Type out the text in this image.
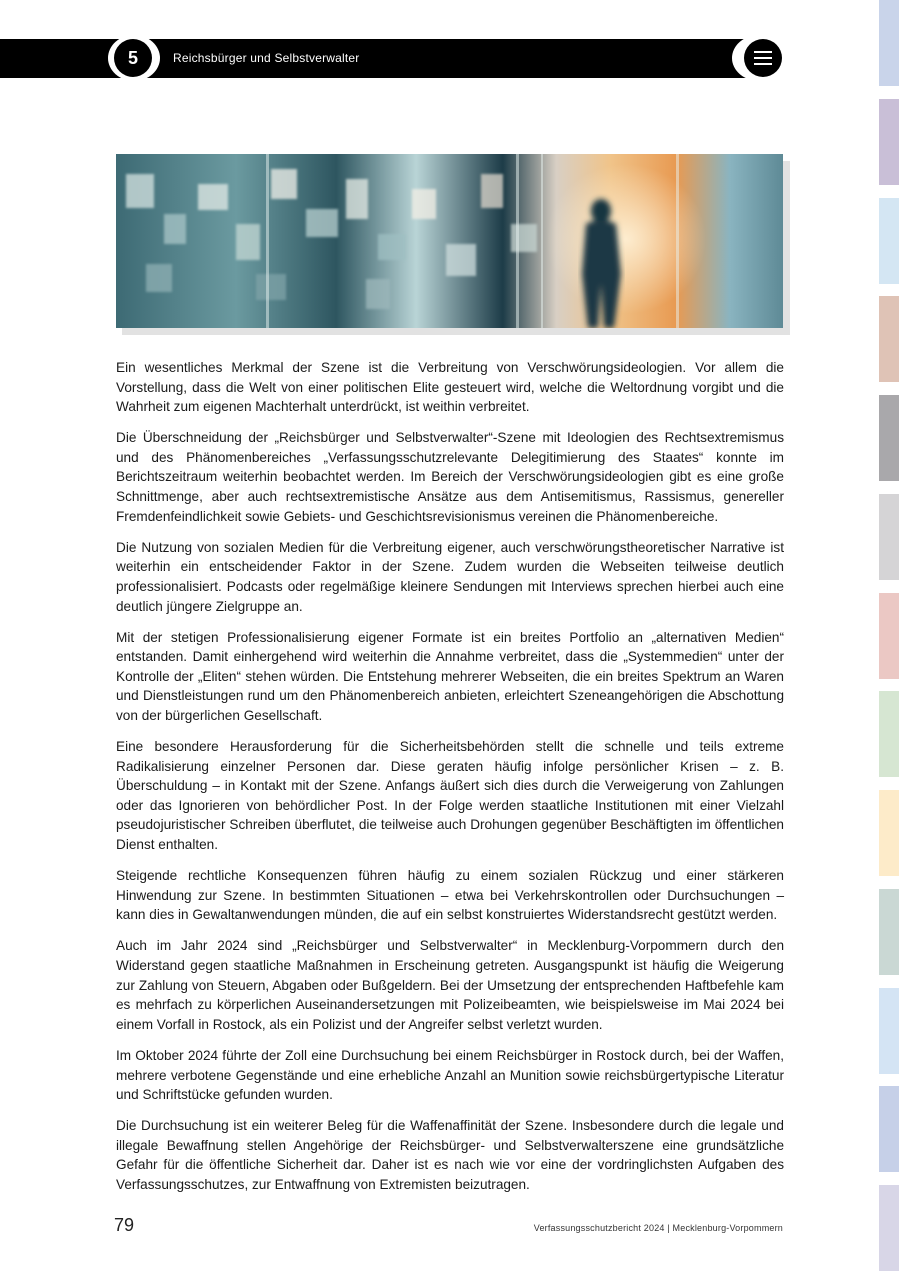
5	Reichsbürger und Selbstverwalter

Ein wesentliches Merkmal der Szene ist die Verbreitung von Verschwörungsideologien. Vor allem die Vorstellung, dass die Welt von einer politischen Elite gesteuert wird, welche die Weltordnung vorgibt und die Wahrheit zum eigenen Machterhalt unterdrückt, ist weithin verbreitet.

Die Überschneidung der „Reichsbürger und Selbstverwalter“-Szene mit Ideologien des Rechtsextremismus und des Phänomenbereiches „Verfassungsschutzrelevante Delegitimierung des Staates“ konnte im Berichtszeitraum weiterhin beobachtet werden. Im Bereich der Verschwörungsideologien gibt es eine große Schnittmenge, aber auch rechtsextremistische Ansätze aus dem Antisemitismus, Rassismus, genereller Fremdenfeindlichkeit sowie Gebiets- und Geschichtsrevisionismus vereinen die Phänomenbereiche.

Die Nutzung von sozialen Medien für die Verbreitung eigener, auch verschwörungstheoretischer Narrative ist weiterhin ein entscheidender Faktor in der Szene. Zudem wurden die Webseiten teilweise deutlich professionalisiert. Podcasts oder regelmäßige kleinere Sendungen mit Interviews sprechen hierbei auch eine deutlich jüngere Zielgruppe an.

Mit der stetigen Professionalisierung eigener Formate ist ein breites Portfolio an „alternativen Medien“ entstanden. Damit einhergehend wird weiterhin die Annahme verbreitet, dass die „Systemmedien“ unter der Kontrolle der „Eliten“ stehen würden. Die Entstehung mehrerer Webseiten, die ein breites Spektrum an Waren und Dienstleistungen rund um den Phänomenbereich anbieten, erleichtert Szeneangehörigen die Abschottung von der bürgerlichen Gesellschaft.

Eine besondere Herausforderung für die Sicherheitsbehörden stellt die schnelle und teils extreme Radikalisierung einzelner Personen dar. Diese geraten häufig infolge persönlicher Krisen – z. B. Überschuldung – in Kontakt mit der Szene. Anfangs äußert sich dies durch die Verweigerung von Zahlungen oder das Ignorieren von behördlicher Post. In der Folge werden staatliche Institutionen mit einer Vielzahl pseudojuristischer Schreiben überflutet, die teilweise auch Drohungen gegenüber Beschäftigten im öffentlichen Dienst enthalten.

Steigende rechtliche Konsequenzen führen häufig zu einem sozialen Rückzug und einer stärkeren Hinwendung zur Szene. In bestimmten Situationen – etwa bei Verkehrskontrollen oder Durchsuchungen – kann dies in Gewaltanwendungen münden, die auf ein selbst konstruiertes Widerstandsrecht gestützt werden.

Auch im Jahr 2024 sind „Reichsbürger und Selbstverwalter“ in Mecklenburg-Vorpommern durch den Widerstand gegen staatliche Maßnahmen in Erscheinung getreten. Ausgangspunkt ist häufig die Weigerung zur Zahlung von Steuern, Abgaben oder Bußgeldern. Bei der Umsetzung der entsprechenden Haftbefehle kam es mehrfach zu körperlichen Auseinandersetzungen mit Polizeibeamten, wie beispielsweise im Mai 2024 bei einem Vorfall in Rostock, als ein Polizist und der Angreifer selbst verletzt wurden.

Im Oktober 2024 führte der Zoll eine Durchsuchung bei einem Reichsbürger in Rostock durch, bei der Waffen, mehrere verbotene Gegenstände und eine erhebliche Anzahl an Munition sowie reichsbürgertypische Literatur und Schriftstücke gefunden wurden.

Die Durchsuchung ist ein weiterer Beleg für die Waffenaffinität der Szene. Insbesondere durch die legale und illegale Bewaffnung stellen Angehörige der Reichsbürger- und Selbstverwalterszene eine grundsätzliche Gefahr für die öffentliche Sicherheit dar. Daher ist es nach wie vor eine der vordringlichsten Aufgaben des Verfassungsschutzes, zur Entwaffnung von Extremisten beizutragen.

79	Verfassungsschutzbericht 2024 | Mecklenburg-Vorpommern
